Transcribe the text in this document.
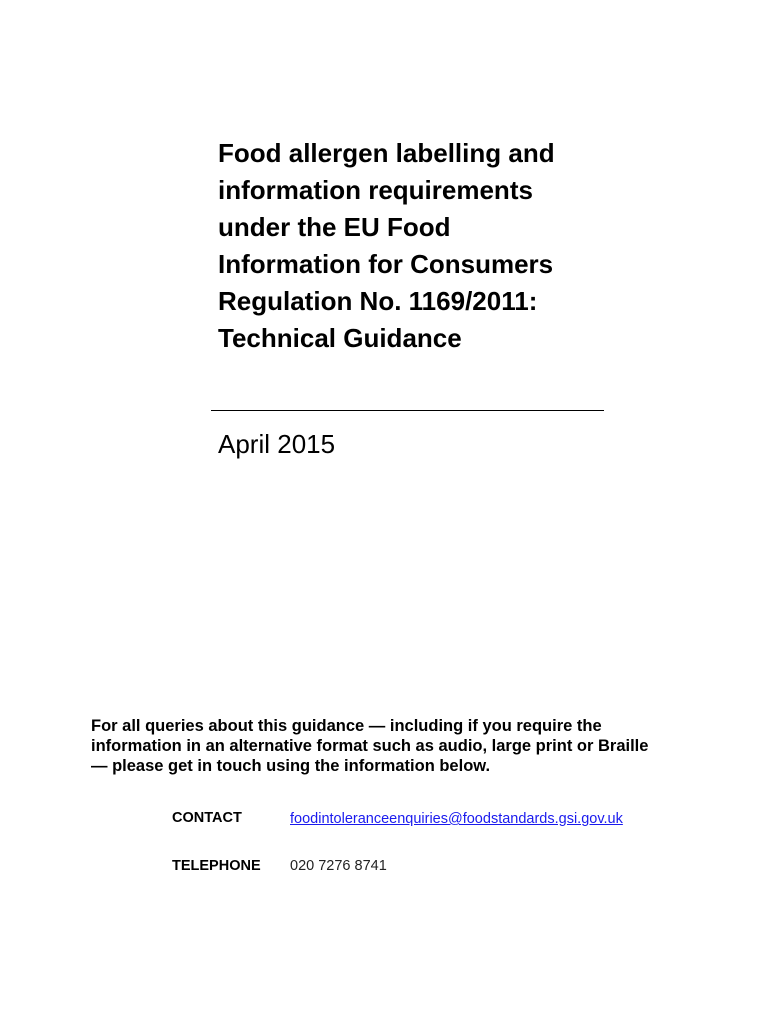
Food allergen labelling and
information requirements
under the EU Food
Information for Consumers
Regulation No. 1169/2011:
Technical Guidance
April 2015

For all queries about this guidance — including if you require the
information in an alternative format such as audio, large print or Braille
— please get in touch using the information below.

CONTACT	foodintoleranceenquiries@foodstandards.gsi.gov.uk
TELEPHONE 020 7276 8741
